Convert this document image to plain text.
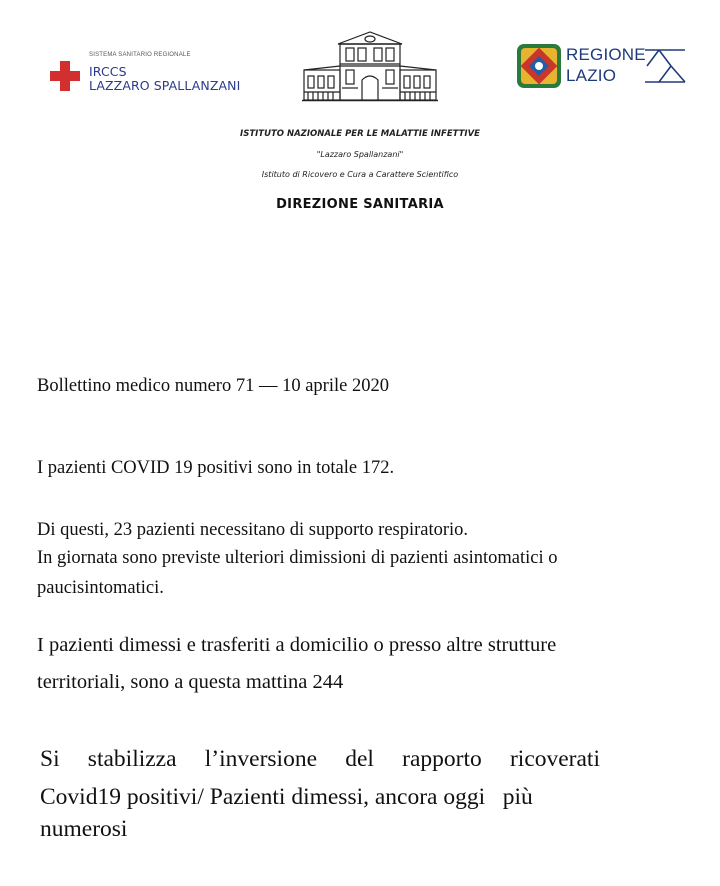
SISTEMA SANITARIO REGIONALE
IRCCS
LAZZARO SPALLANZANI
REGIONE
LAZIO
ISTITUTO NAZIONALE PER LE MALATTIE INFETTIVE
"Lazzaro Spallanzani"
Istituto di Ricovero e Cura a Carattere Scientifico
DIREZIONE SANITARIA
Bollettino medico numero 71 — 10 aprile 2020
I pazienti COVID 19 positivi sono in totale 172.
Di questi, 23 pazienti necessitano di supporto respiratorio.
In giornata sono previste ulteriori dimissioni di pazienti asintomatici o
paucisintomatici.
I pazienti dimessi e trasferiti a domicilio o presso altre strutture
territoriali, sono a questa mattina 244
Si stabilizza l’inversione del rapporto ricoverati
Covid19 positivi/ Pazienti dimessi, ancora oggi   più
numerosi
